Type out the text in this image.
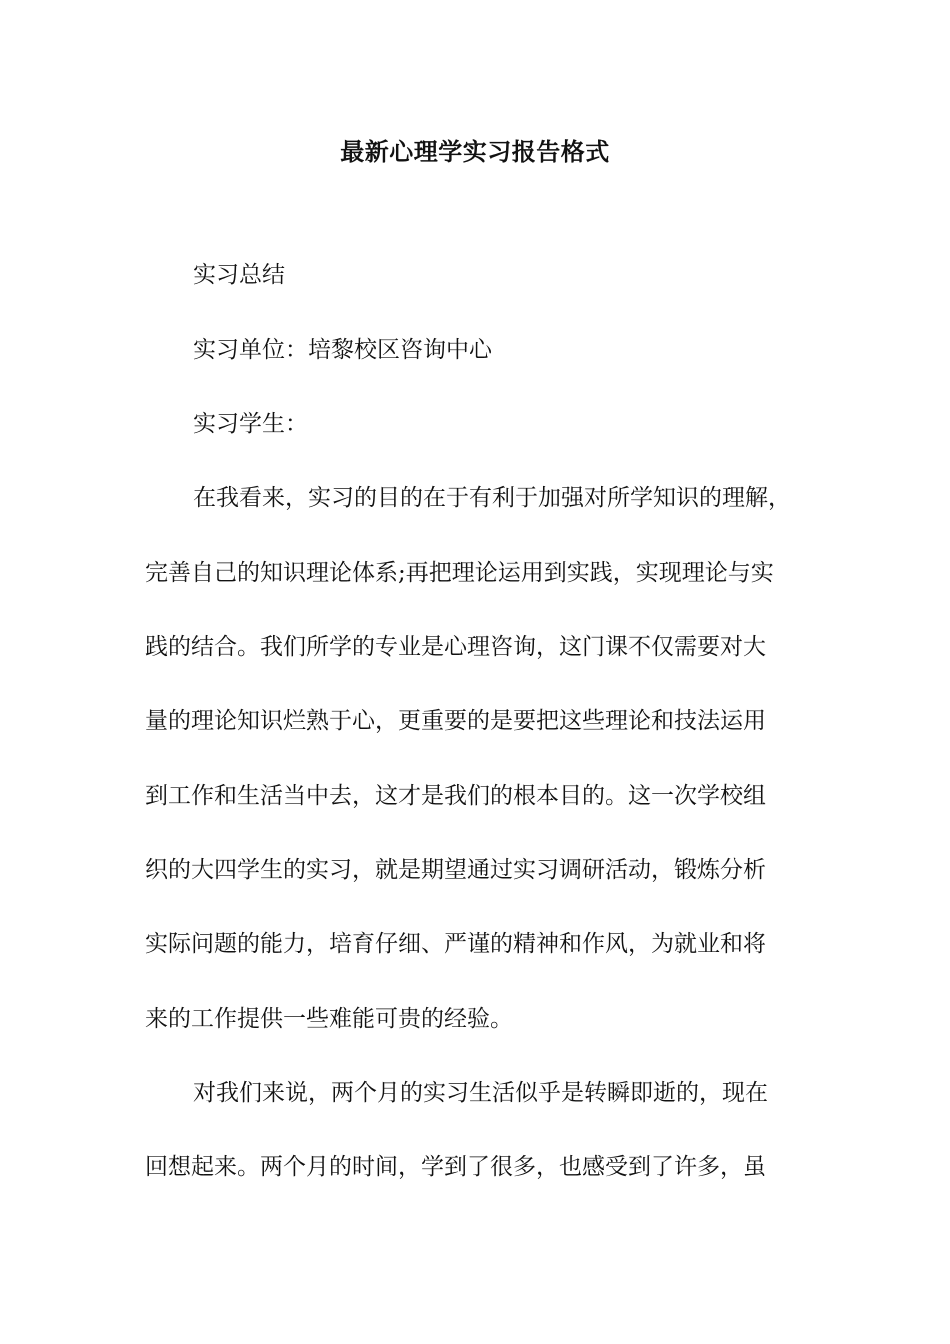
最新心理学实习报告格式
实习总结
实习单位：培黎校区咨询中心
实习学生：
在我看来，实习的目的在于有利于加强对所学知识的理解，
完善自己的知识理论体系;再把理论运用到实践，实现理论与实
践的结合。我们所学的专业是心理咨询，这门课不仅需要对大
量的理论知识烂熟于心，更重要的是要把这些理论和技法运用
到工作和生活当中去，这才是我们的根本目的。这一次学校组
织的大四学生的实习，就是期望通过实习调研活动，锻炼分析
实际问题的能力，培育仔细、严谨的精神和作风，为就业和将
来的工作提供一些难能可贵的经验。
对我们来说，两个月的实习生活似乎是转瞬即逝的，现在
回想起来。两个月的时间，学到了很多，也感受到了许多，虽
